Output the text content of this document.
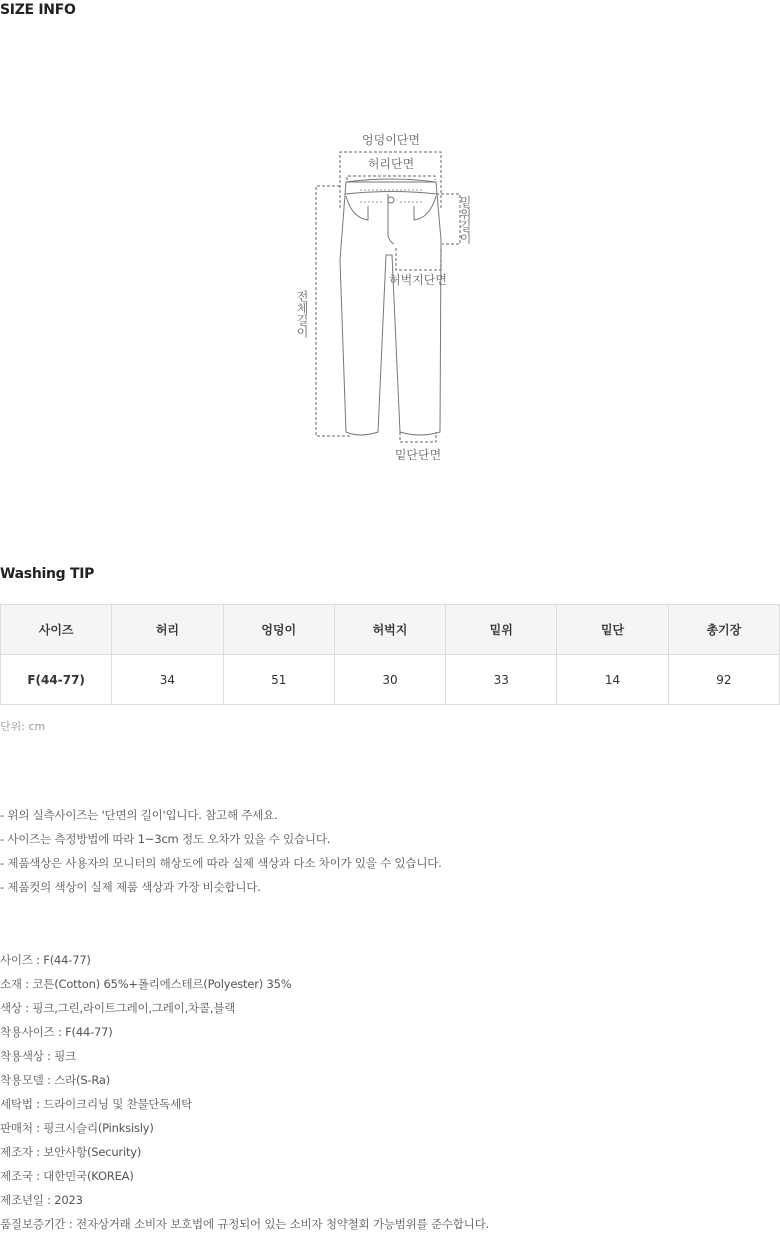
SIZE INFO
엉덩이단면
허리단면
허벅지단면
밑단단면
밑위길이
전체길이
Washing TIP
사이즈	허리	엉덩이	허벅지	밑위	밑단	총기장
F(44-77)	34	51	30	33	14	92
단위: cm

- 위의 실측사이즈는 '단면의 길이'입니다. 참고해 주세요.

- 사이즈는 측정방법에 따라 1~3cm 정도 오차가 있을 수 있습니다.

- 제품색상은 사용자의 모니터의 해상도에 따라 실제 색상과 다소 차이가 있을 수 있습니다.

- 제품컷의 색상이 실제 제품 색상과 가장 비슷합니다.

사이즈 : F(44-77)

소재 : 코튼(Cotton) 65%+폴리에스테르(Polyester) 35%

색상 : 핑크,그린,라이트그레이,그레이,차콜,블랙

착용사이즈 : F(44-77)

착용색상 : 핑크

착용모델 : 스라(S-Ra)

세탁법 : 드라이크리닝 및 찬물단독세탁

판매처 : 핑크시슬리(Pinksisly)

제조자 : 보안사항(Security)

제조국 : 대한민국(KOREA)

제조년일 : 2023

품질보증기간 : 전자상거래 소비자 보호법에 규정되어 있는 소비자 청약철회 가능범위를 준수합니다.
